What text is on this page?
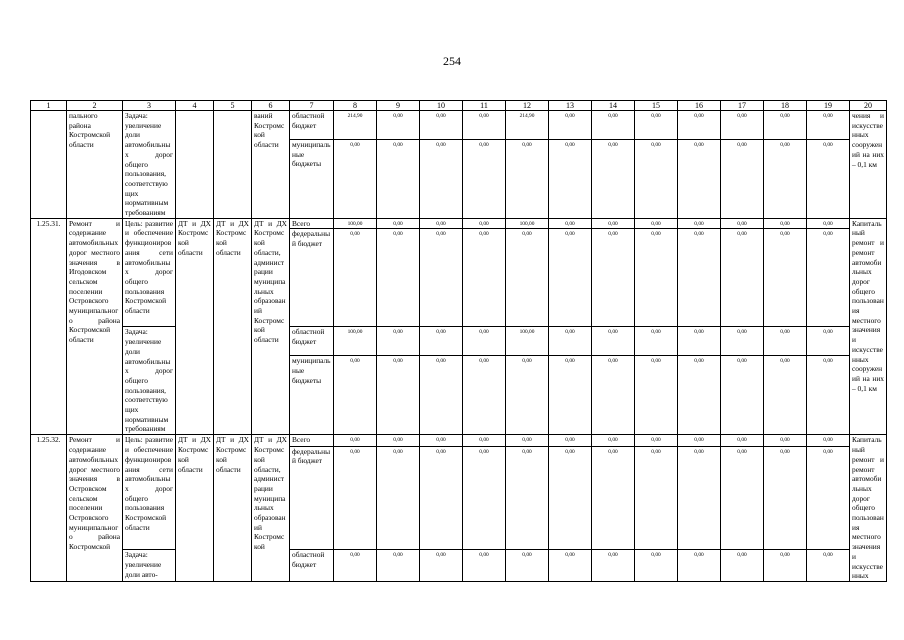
254
1	2	3	4	5	6	7	8	9	10	11	12	13	14	15	16	17	18	19	20
	пального района Костромской области	Задача: увеличение доли автомобильных дорог общего пользования, соответствующих нормативным требованиям			ваний Костромской области	областной бюджет	214,90	0,00	0,00	0,00	214,90	0,00	0,00	0,00	0,00	0,00	0,00	0,00	чения и искусственных сооружений на них – 0,1 км
						муниципальные бюджеты	0,00	0,00	0,00	0,00	0,00	0,00	0,00	0,00	0,00	0,00	0,00	0,00	
1.25.31.	Ремонт и содержание автомобильных дорог местного значения в Игодовском сельском поселении Островского муниципального района Костромской области	Цель: развитие и обеспечение функционирования сети автомобильных дорог общего пользования Костромской области	ДТ и ДХ Костромской области	ДТ и ДХ Костромской области	ДТ и ДХ Костромской области, администрации муниципальных образований Костромской области	Всего	100,00	0,00	0,00	0,00	100,00	0,00	0,00	0,00	0,00	0,00	0,00	0,00	Капитальный ремонт и ремонт автомобильных дорог общего пользования местного значения и искусственных сооружений на них – 0,1 км
						федеральный бюджет	0,00	0,00	0,00	0,00	0,00	0,00	0,00	0,00	0,00	0,00	0,00	0,00	
		Задача: увеличение доли автомобильных дорог общего пользования, соответствующих нормативным требованиям				областной бюджет	100,00	0,00	0,00	0,00	100,00	0,00	0,00	0,00	0,00	0,00	0,00	0,00	
						муниципальные бюджеты	0,00	0,00	0,00	0,00	0,00	0,00	0,00	0,00	0,00	0,00	0,00	0,00	
1.25.32.	Ремонт и содержание автомобильных дорог местного значения в Островском сельском поселении Островского муниципального района Костромской	Цель: развитие и обеспечение функционирования сети автомобильных дорог общего пользования Костромской области	ДТ и ДХ Костромской области	ДТ и ДХ Костромской области	ДТ и ДХ Костромской области, администрации муниципальных образований Костромской	Всего	0,00	0,00	0,00	0,00	0,00	0,00	0,00	0,00	0,00	0,00	0,00	0,00	Капитальный ремонт и ремонт автомобильных дорог общего пользования местного значения и искусственных
						федеральный бюджет	0,00	0,00	0,00	0,00	0,00	0,00	0,00	0,00	0,00	0,00	0,00	0,00	
		Задача: увеличение доли авто-				областной бюджет	0,00	0,00	0,00	0,00	0,00	0,00	0,00	0,00	0,00	0,00	0,00	0,00	
